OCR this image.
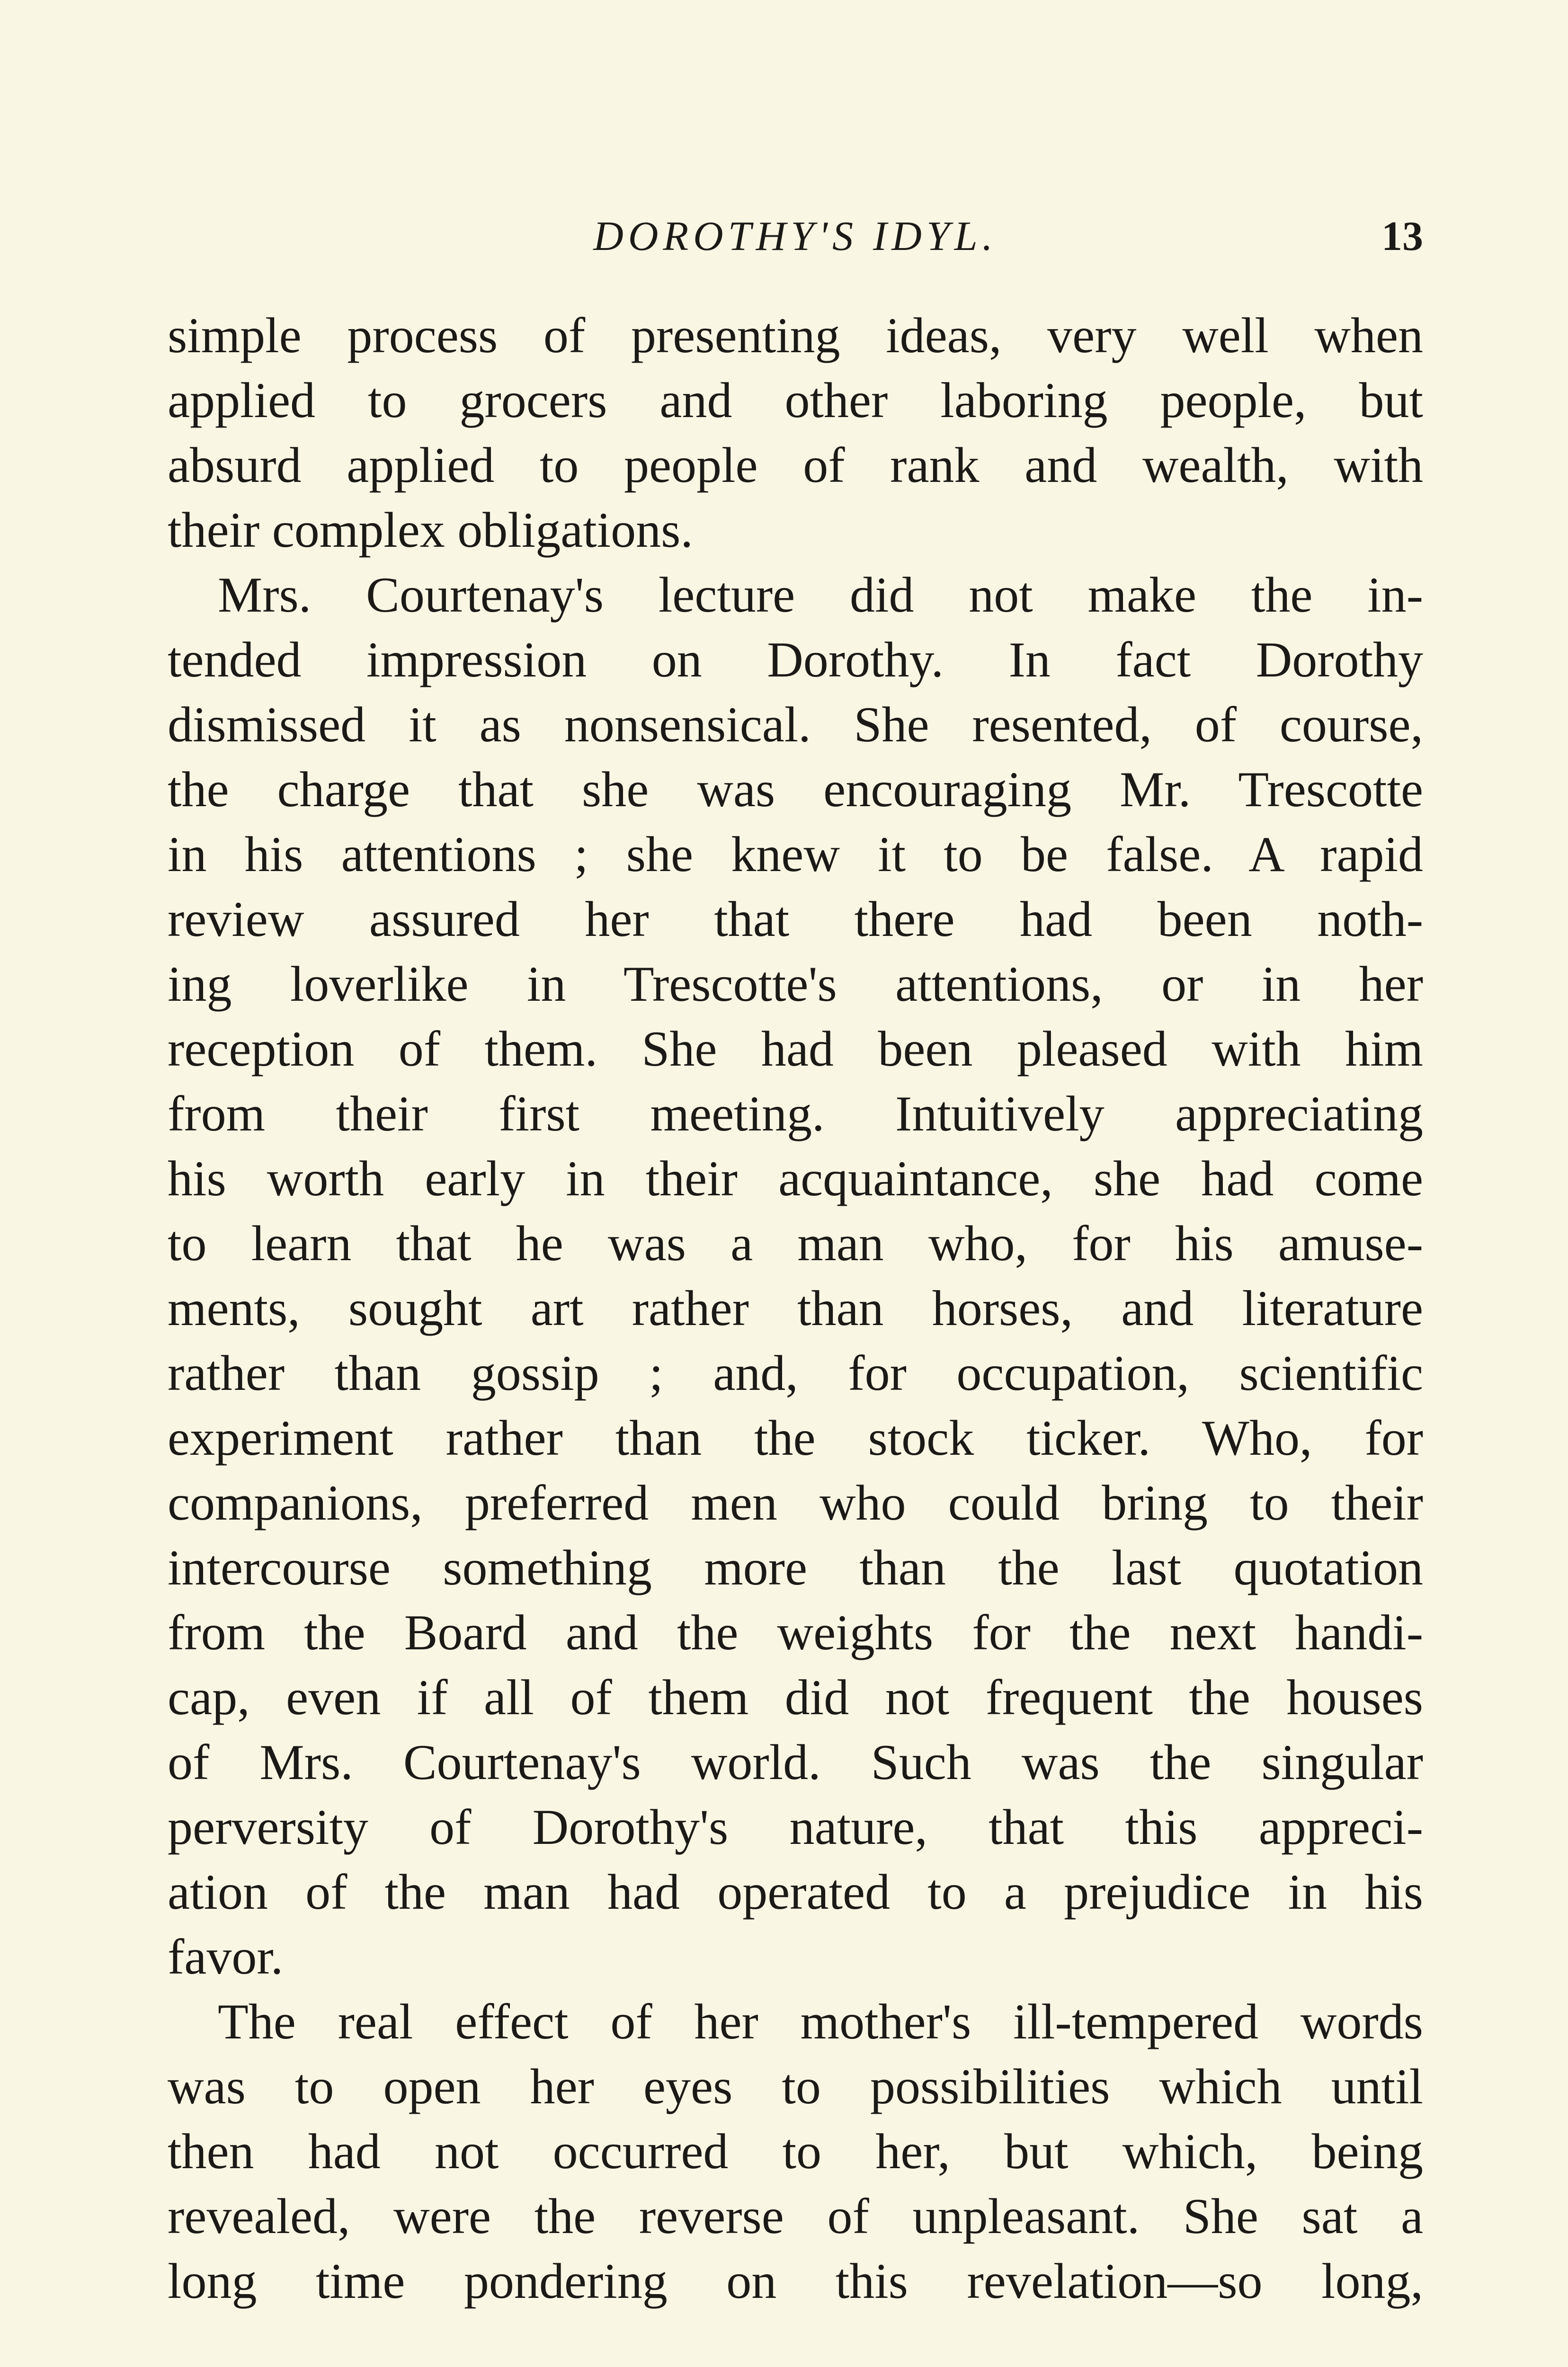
DOROTHY'S IDYL.	13
simple process of presenting ideas, very well when
applied to grocers and other laboring people, but
absurd applied to people of rank and wealth, with
their complex obligations.
Mrs. Courtenay's lecture did not make the in-
tended impression on Dorothy. In fact Dorothy
dismissed it as nonsensical. She resented, of course,
the charge that she was encouraging Mr. Trescotte
in his attentions ; she knew it to be false. A rapid
review assured her that there had been noth-
ing loverlike in Trescotte's attentions, or in her
reception of them. She had been pleased with him
from their first meeting. Intuitively appreciating
his worth early in their acquaintance, she had come
to learn that he was a man who, for his amuse-
ments, sought art rather than horses, and literature
rather than gossip ; and, for occupation, scientific
experiment rather than the stock ticker. Who, for
companions, preferred men who could bring to their
intercourse something more than the last quotation
from the Board and the weights for the next handi-
cap, even if all of them did not frequent the houses
of Mrs. Courtenay's world. Such was the singular
perversity of Dorothy's nature, that this appreci-
ation of the man had operated to a prejudice in his
favor.
The real effect of her mother's ill-tempered words
was to open her eyes to possibilities which until
then had not occurred to her, but which, being
revealed, were the reverse of unpleasant. She sat a
long time pondering on this revelation—so long,
